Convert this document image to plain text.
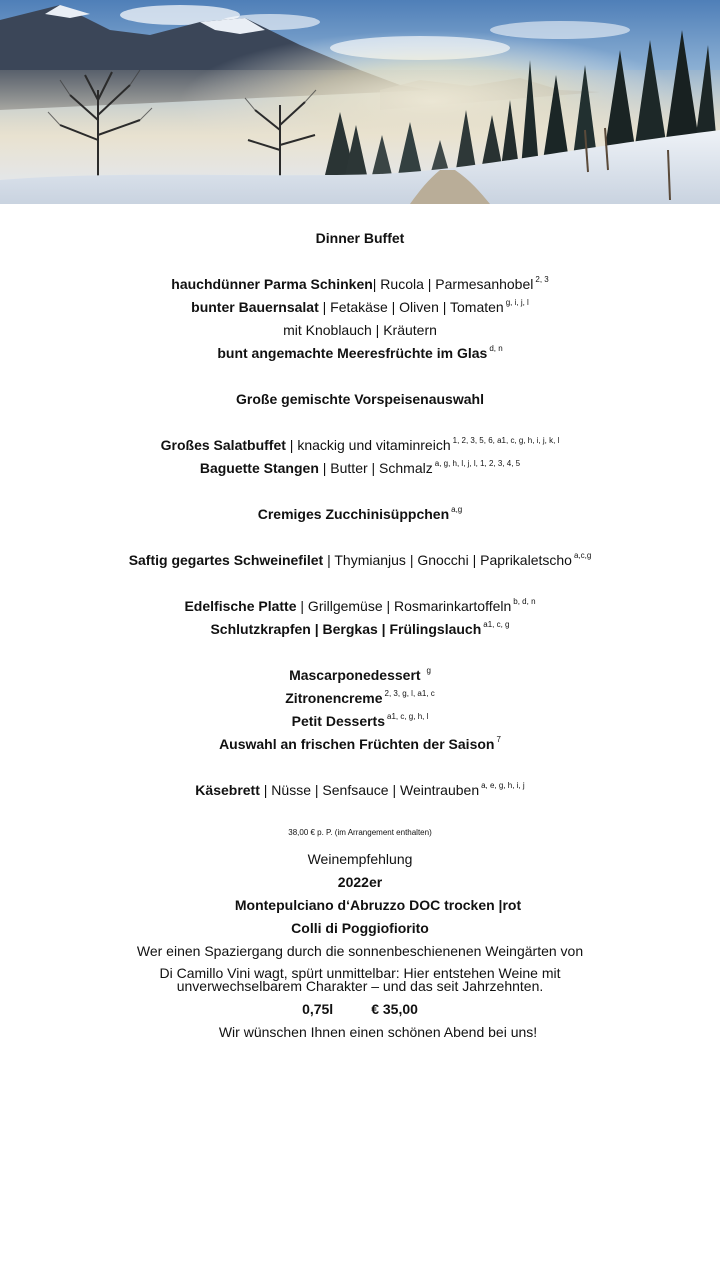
Dinner Buffet
hauchdünner Parma Schinken| Rucola | Parmesanhobel $^{2, 3}$
bunter Bauernsalat | Fetakäse | Oliven | Tomaten $^{g, i, j, l}$
mit Knoblauch | Kräutern
bunt angemachte Meeresfrüchte im Glas $^{d, n}$
Große gemischte Vorspeisenauswahl
Großes Salatbuffet | knackig und vitaminreich $^{1, 2, 3, 5, 6, a1, c, g, h, i, j, k, l}$
Baguette Stangen | Butter | Schmalz $^{a, g, h, l, j, l, 1, 2, 3, 4, 5}$
Cremiges Zucchinisüppchen $^{a,g}$
Saftig gegartes Schweinefilet | Thymianjus | Gnocchi | Paprikaletscho $^{a,c,g}$
Edelfische Platte | Grillgemüse | Rosmarinkartoffeln $^{b, d, n}$
Schlutzkrapfen | Bergkas | Frülingslauch $^{a1, c, g}$
Mascarponedessert $^g$
Zitronencreme $^{2, 3, g, l, a1, c}$
Petit Desserts $^{a1, c, g, h, l}$
Auswahl an frischen Früchten der Saison $^7$
Käsebrett | Nüsse | Senfsauce | Weintrauben $^{a, e, g, h, i, j}$
38,00 € p. P. (im Arrangement enthalten)
Weinempfehlung
2022er
Montepulciano d‘Abruzzo DOC trocken |rot
Colli di Poggiofiorito
Wer einen Spaziergang durch die sonnenbeschienenen Weingärten von
Di Camillo Vini wagt, spürt unmittelbar: Hier entstehen Weine mit
unverwechselbarem Charakter – und das seit Jahrzehnten.
0,75l	€ 35,00
Wir wünschen Ihnen einen schönen Abend bei uns!
